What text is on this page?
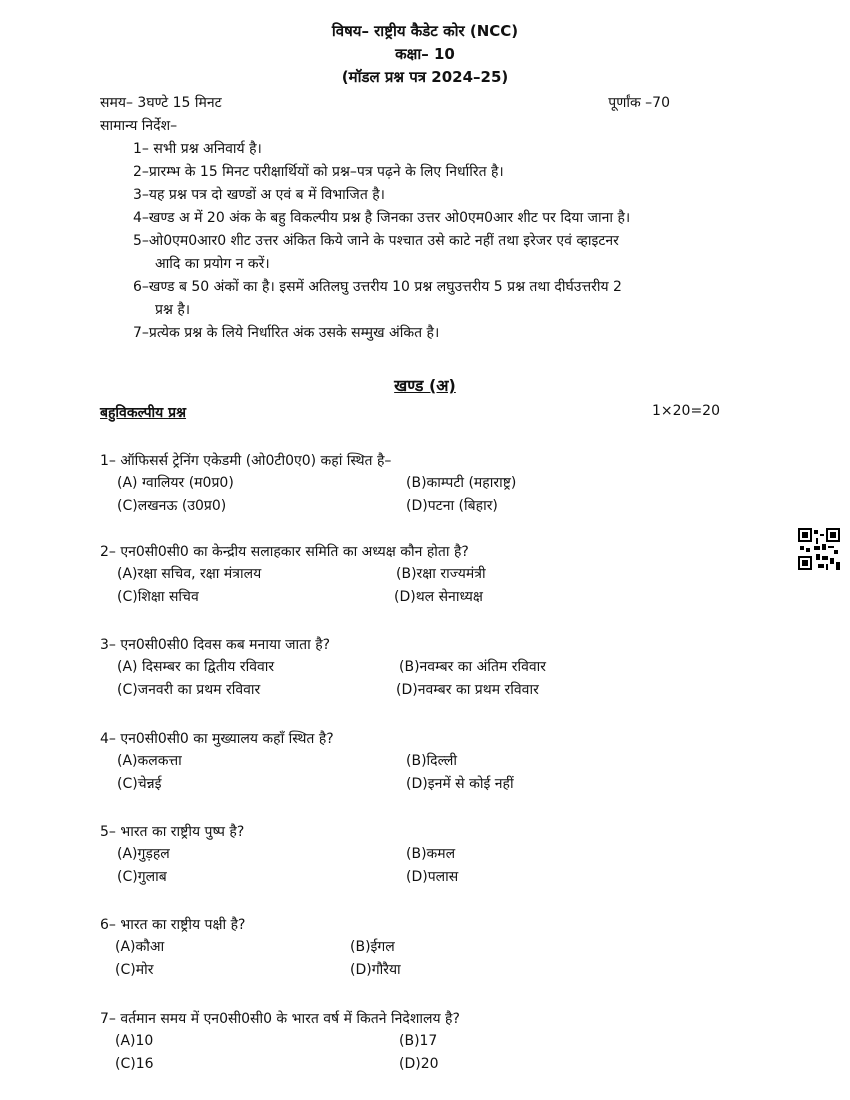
विषय– राष्ट्रीय कैडेट कोर (NCC)
कक्षा– 10
(मॉडल प्रश्न पत्र 2024–25)
समय– 3घण्टे 15 मिनट	पूर्णांक –70
सामान्य निर्देश–

1– सभी प्रश्न अनिवार्य है।

2–प्रारम्भ के 15 मिनट परीक्षार्थियों को प्रश्न–पत्र पढ़ने के लिए निर्धारित है।

3–यह प्रश्न पत्र दो खण्डों अ एवं ब में विभाजित है।

4–खण्ड अ में 20 अंक के बहु विकल्पीय प्रश्न है जिनका उत्तर ओ0एम0आर शीट पर दिया जाना है।

5–ओ0एम0आर0 शीट उत्तर अंकित किये जाने के पश्चात उसे काटे नहीं तथा इरेजर एवं व्हाइटनर

आदि का प्रयोग न करें।

6–खण्ड ब 50 अंकों का है। इसमें अतिलघु उत्तरीय 10 प्रश्न लघुउत्तरीय 5 प्रश्न तथा दीर्घउत्तरीय 2

प्रश्न है।

7–प्रत्येक प्रश्न के लिये निर्धारित अंक उसके सम्मुख अंकित है।

खण्ड (अ)
बहुविकल्पीय प्रश्न	1×20=20
1– ऑफिसर्स ट्रेनिंग एकेडमी (ओ0टी0ए0) कहां स्थित है–
(A) ग्वालियर (म0प्र0)	(B)काम्पटी (महाराष्ट्र)
(C)लखनऊ (उ0प्र0)	(D)पटना (बिहार)
2– एन0सी0सी0 का केन्द्रीय सलाहकार समिति का अध्यक्ष कौन होता है?
(A)रक्षा सचिव, रक्षा मंत्रालय	(B)रक्षा राज्यमंत्री
(C)शिक्षा सचिव	(D)थल सेनाध्यक्ष
3– एन0सी0सी0 दिवस कब मनाया जाता है?
(A) दिसम्बर का द्वितीय रविवार	(B)नवम्बर का अंतिम रविवार
(C)जनवरी का प्रथम रविवार	(D)नवम्बर का प्रथम रविवार
4– एन0सी0सी0 का मुख्यालय कहाँ स्थित है?
(A)कलकत्ता	(B)दिल्ली
(C)चेन्नई	(D)इनमें से कोई नहीं
5– भारत का राष्ट्रीय पुष्प है?
(A)गुड़हल	(B)कमल
(C)गुलाब	(D)पलास
6– भारत का राष्ट्रीय पक्षी है?
(A)कौआ	(B)ईगल
(C)मोर	(D)गौरैया
7– वर्तमान समय में एन0सी0सी0 के भारत वर्ष में कितने निदेशालय है?
(A)10	(B)17
(C)16	(D)20
